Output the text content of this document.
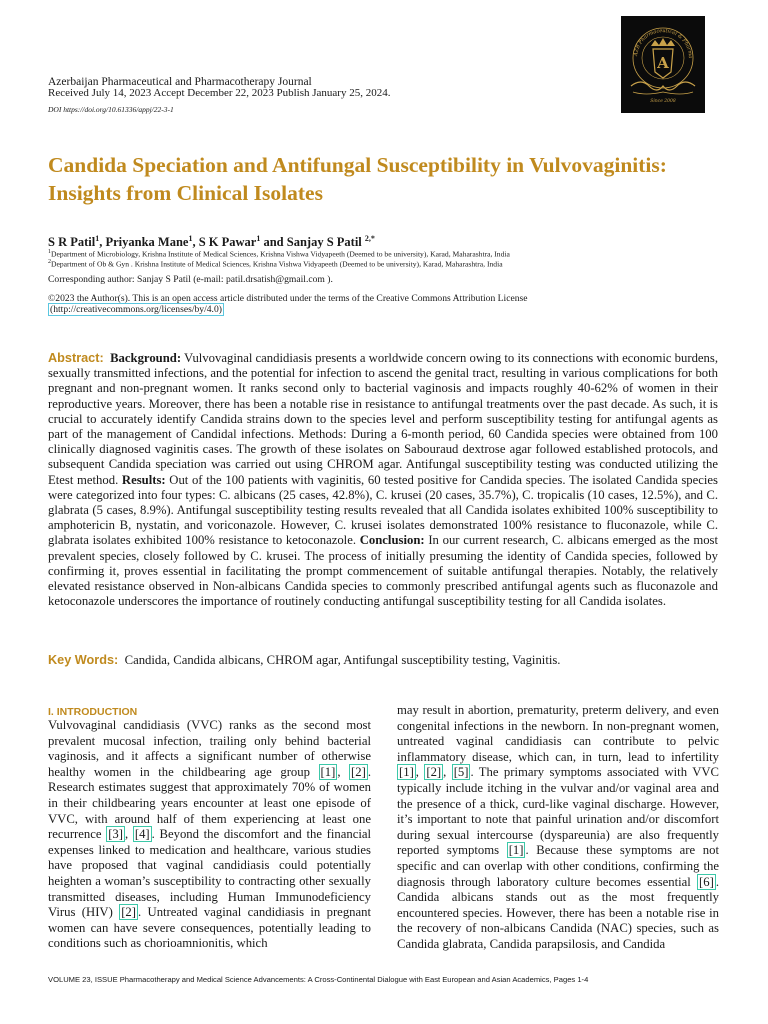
Azerbaijan Pharmaceutical and Pharmacotherapy Journal
Received July 14, 2023 Accept December 22, 2023 Publish January 25, 2024.
DOI https://doi.org/10.61336/appj/22-3-1
AZB Pharmaceutical & Pharma
A
Since 2008
Candida Speciation and Antifungal Susceptibility in Vulvovaginitis: Insights from Clinical Isolates
S R Patil$^1$, Priyanka Mane$^1$, S K Pawar$^1$ and Sanjay S Patil $^{2,*}$
$^1$Department of Microbiology, Krishna Institute of Medical Sciences, Krishna Vishwa Vidyapeeth (Deemed to be university), Karad, Maharashtra, India
$^2$Department of Ob & Gyn . Krishna Institute of Medical Sciences, Krishna Vishwa Vidyapeeth (Deemed to be university), Karad, Maharashtra, India
Corresponding author: Sanjay S Patil (e-mail: patil.drsatish@gmail.com ).
©2023 the Author(s). This is an open access article distributed under the terms of the Creative Commons Attribution License
(http://creativecommons.org/licenses/by/4.0)
Abstract: Background: Vulvovaginal candidiasis presents a worldwide concern owing to its connections with economic burdens, sexually transmitted infections, and the potential for infection to ascend the genital tract, resulting in various complications for both pregnant and non-pregnant women. It ranks second only to bacterial vaginosis and impacts roughly 40-62% of women in their reproductive years. Moreover, there has been a notable rise in resistance to antifungal treatments over the past decade. As such, it is crucial to accurately identify Candida strains down to the species level and perform susceptibility testing for antifungal agents as part of the management of Candidal infections. Methods: During a 6-month period, 60 Candida species were obtained from 100 clinically diagnosed vaginitis cases. The growth of these isolates on Sabouraud dextrose agar followed established protocols, and subsequent Candida speciation was carried out using CHROM agar. Antifungal susceptibility testing was conducted utilizing the Etest method. Results: Out of the 100 patients with vaginitis, 60 tested positive for Candida species. The isolated Candida species were categorized into four types: C. albicans (25 cases, 42.8%), C. krusei (20 cases, 35.7%), C. tropicalis (10 cases, 12.5%), and C. glabrata (5 cases, 8.9%). Antifungal susceptibility testing results revealed that all Candida isolates exhibited 100% susceptibility to amphotericin B, nystatin, and voriconazole. However, C. krusei isolates demonstrated 100% resistance to fluconazole, while C. glabrata isolates exhibited 100% resistance to ketoconazole. Conclusion: In our current research, C. albicans emerged as the most prevalent species, closely followed by C. krusei. The process of initially presuming the identity of Candida species, followed by confirming it, proves essential in facilitating the prompt commencement of suitable antifungal therapies. Notably, the relatively elevated resistance observed in Non-albicans Candida species to commonly prescribed antifungal agents such as fluconazole and ketoconazole underscores the importance of routinely conducting antifungal susceptibility testing for all Candida isolates.
Key Words: Candida, Candida albicans, CHROM agar, Antifungal susceptibility testing, Vaginitis.
I. INTRODUCTION
Vulvovaginal candidiasis (VVC) ranks as the second most prevalent mucosal infection, trailing only behind bacterial vaginosis, and it affects a significant number of otherwise healthy women in the childbearing age group [1] , [2] . Research estimates suggest that approximately 70% of women in their childbearing years encounter at least one episode of VVC, with around half of them experiencing at least one recurrence [3] , [4] . Beyond the discomfort and the financial expenses linked to medication and healthcare, various studies have proposed that vaginal candidiasis could potentially heighten a woman’s susceptibility to contracting other sexually transmitted diseases, including Human Immunodeficiency Virus (HIV) [2] . Untreated vaginal candidiasis in pregnant women can have severe consequences, potentially leading to conditions such as chorioamnionitis, which
may result in abortion, prematurity, preterm delivery, and even congenital infections in the newborn. In non-pregnant women, untreated vaginal candidiasis can contribute to pelvic inflammatory disease, which can, in turn, lead to infertility [1] , [2] , [5] . The primary symptoms associated with VVC typically include itching in the vulvar and/or vaginal area and the presence of a thick, curd-like vaginal discharge. However, it’s important to note that painful urination and/or discomfort during sexual intercourse (dyspareunia) are also frequently reported symptoms [1] . Because these symptoms are not specific and can overlap with other conditions, confirming the diagnosis through laboratory culture becomes essential [6] . Candida albicans stands out as the most frequently encountered species. However, there has been a notable rise in the recovery of non-albicans Candida (NAC) species, such as Candida glabrata, Candida parapsilosis, and Candida
VOLUME 23, ISSUE Pharmacotherapy and Medical Science Advancements: A Cross-Continental Dialogue with East European and Asian Academics, Pages 1-4
